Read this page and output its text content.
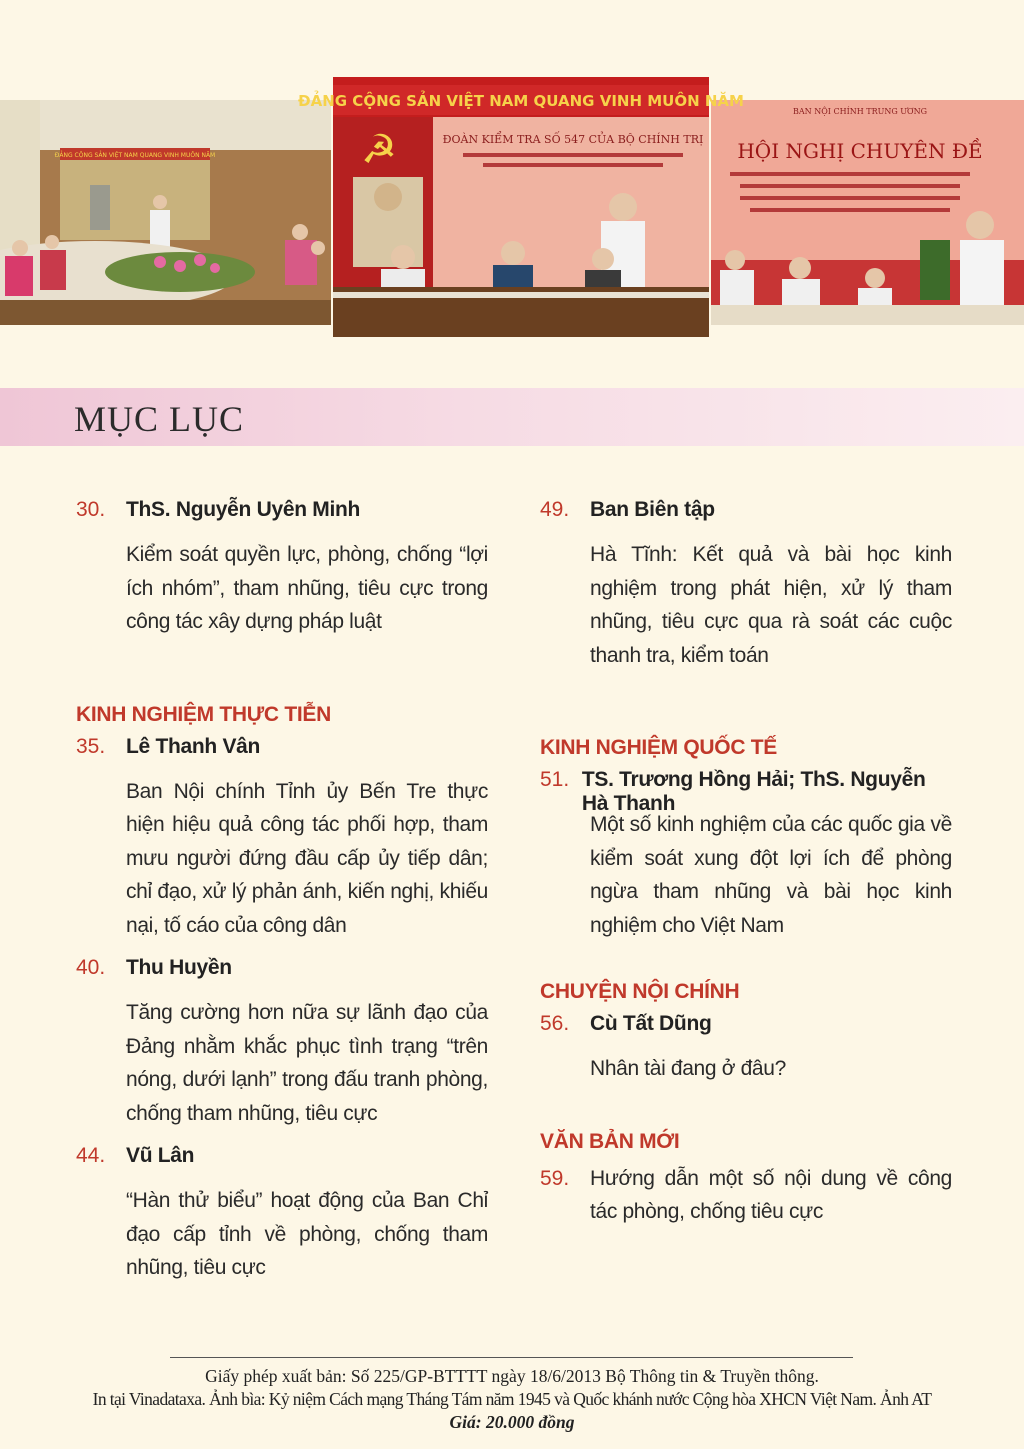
ĐẢNG CỘNG SẢN VIỆT NAM QUANG VINH MUÔN NĂM
ĐẢNG CỘNG SẢN VIỆT NAM QUANG VINH MUÔN NĂM
☭	ĐOÀN KIỂM TRA SỐ 547 CỦA BỘ CHÍNH TRỊ
BAN NỘI CHÍNH TRUNG ƯƠNG
HỘI NGHỊ CHUYÊN ĐỀ
MỤC LỤC
30. ThS. Nguyễn Uyên Minh
Kiểm soát quyền lực, phòng, chống “lợi ích nhóm”, tham nhũng, tiêu cực trong công tác xây dựng pháp luật
KINH NGHIỆM THỰC TIỄN
35. Lê Thanh Vân
Ban Nội chính Tỉnh ủy Bến Tre thực hiện hiệu quả công tác phối hợp, tham mưu người đứng đầu cấp ủy tiếp dân; chỉ đạo, xử lý phản ánh, kiến nghị, khiếu nại, tố cáo của công dân
40. Thu Huyền
Tăng cường hơn nữa sự lãnh đạo của Đảng nhằm khắc phục tình trạng “trên nóng, dưới lạnh” trong đấu tranh phòng, chống tham nhũng, tiêu cực
44. Vũ Lân
“Hàn thử biểu” hoạt động của Ban Chỉ đạo cấp tỉnh về phòng, chống tham nhũng, tiêu cực
49. Ban Biên tập
Hà Tĩnh: Kết quả và bài học kinh nghiệm trong phát hiện, xử lý tham nhũng, tiêu cực qua rà soát các cuộc thanh tra, kiểm toán
KINH NGHIỆM QUỐC TẾ
51. TS. Trương Hồng Hải; ThS. Nguyễn Hà Thanh
Một số kinh nghiệm của các quốc gia về kiểm soát xung đột lợi ích để phòng ngừa tham nhũng và bài học kinh nghiệm cho Việt Nam
CHUYỆN NỘI CHÍNH
56. Cù Tất Dũng
Nhân tài đang ở đâu?
VĂN BẢN MỚI
59. Hướng dẫn một số nội dung về công tác phòng, chống tiêu cực
Giấy phép xuất bản: Số 225/GP-BTTTT ngày 18/6/2013 Bộ Thông tin & Truyền thông.
In tại Vinadataxa. Ảnh bìa: Kỷ niệm Cách mạng Tháng Tám năm 1945 và Quốc khánh nước Cộng hòa XHCN Việt Nam. Ảnh AT
Giá: 20.000 đồng
